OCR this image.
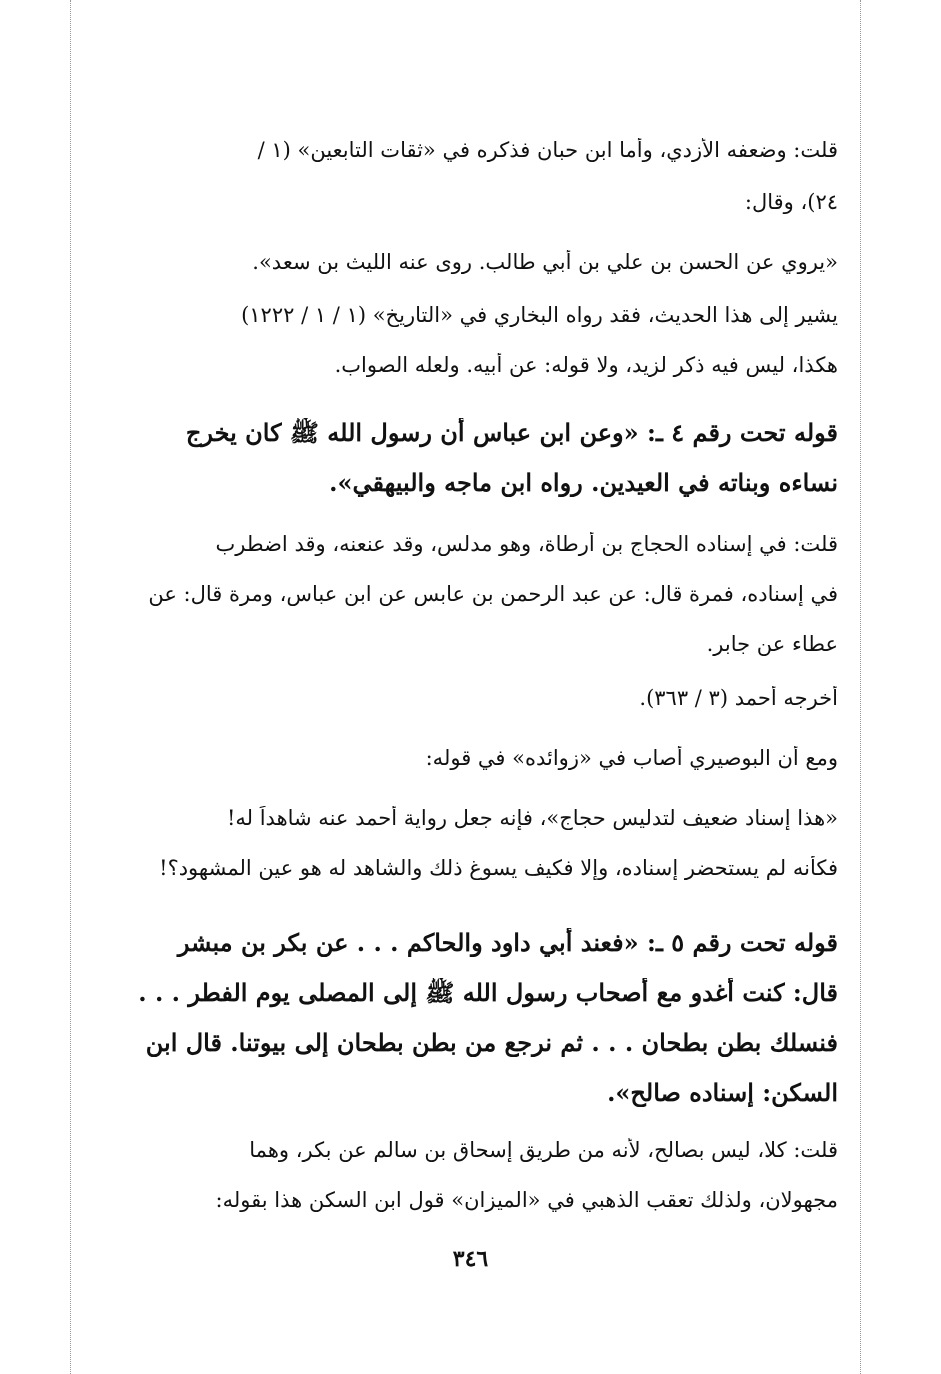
قلت: وضعفه الأزدي، وأما ابن حبان فذكره في «ثقات التابعين» (١ /
٢٤)، وقال:
«يروي عن الحسن بن علي بن أبي طالب. روى عنه الليث بن سعد».
يشير إلى هذا الحديث، فقد رواه البخاري في «التاريخ» (١ / ١ / ١٢٢٢)
هكذا، ليس فيه ذكر لزيد، ولا قوله: عن أبيه. ولعله الصواب.
قوله تحت رقم ٤ ـ: «وعن ابن عباس أن رسول الله ﷺ كان يخرج
نساءه وبناته في العيدين. رواه ابن ماجه والبيهقي».
قلت: في إسناده الحجاج بن أرطاة، وهو مدلس، وقد عنعنه، وقد اضطرب
في إسناده، فمرة قال: عن عبد الرحمن بن عابس عن ابن عباس، ومرة قال: عن
عطاء عن جابر.
أخرجه أحمد (٣ / ٣٦٣).
ومع أن البوصيري أصاب في «زوائده» في قوله:
«هذا إسناد ضعيف لتدليس حجاج»، فإنه جعل رواية أحمد عنه شاهداً له!
فكأنه لم يستحضر إسناده، وإلا فكيف يسوغ ذلك والشاهد له هو عين المشهود؟!
قوله تحت رقم ٥ ـ: «فعند أبي داود والحاكم . . . عن بكر بن مبشر
قال: كنت أغدو مع أصحاب رسول الله ﷺ إلى المصلى يوم الفطر . . .
فنسلك بطن بطحان . . . ثم نرجع من بطن بطحان إلى بيوتنا. قال ابن
السكن: إسناده صالح».
قلت: كلا، ليس بصالح، لأنه من طريق إسحاق بن سالم عن بكر، وهما
مجهولان، ولذلك تعقب الذهبي في «الميزان» قول ابن السكن هذا بقوله:
٣٤٦
